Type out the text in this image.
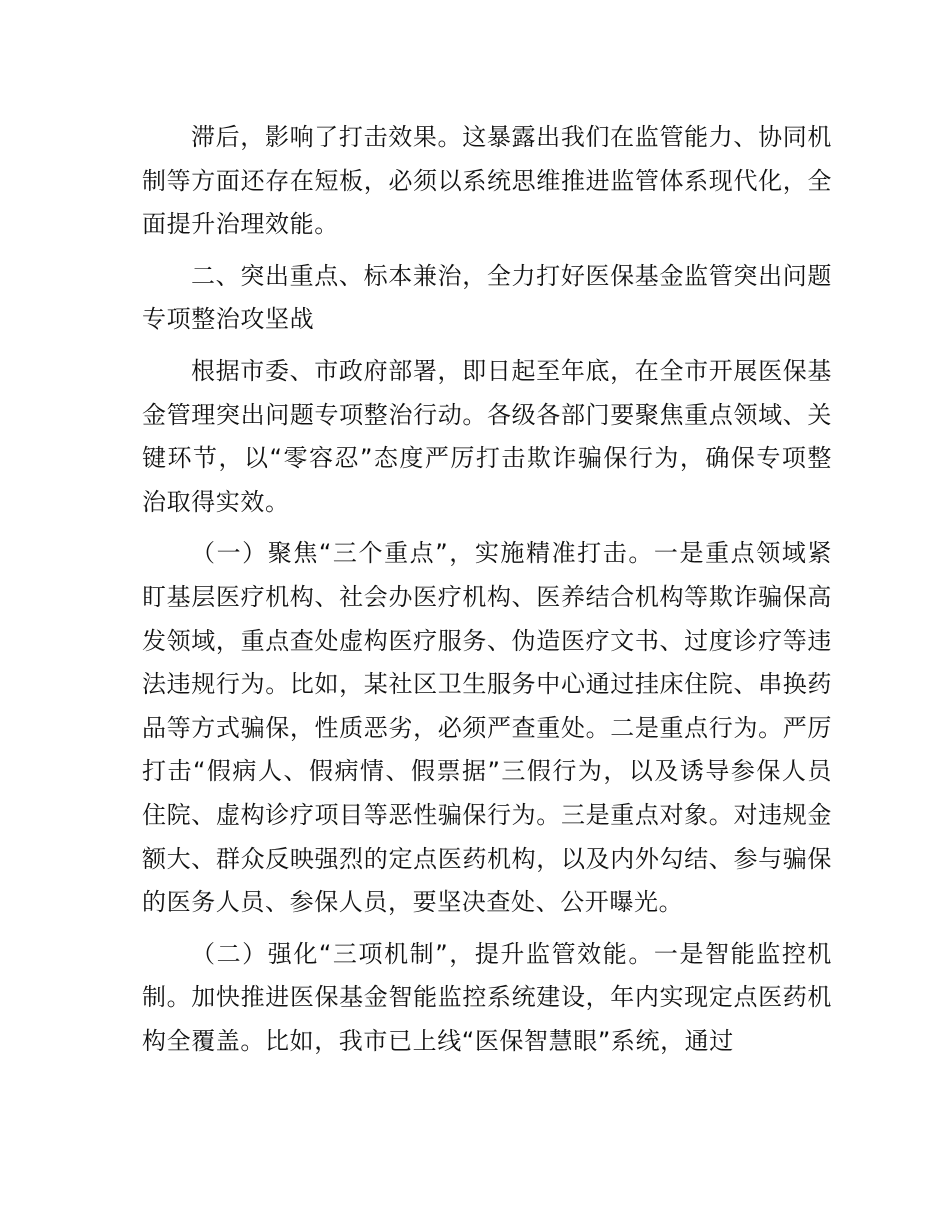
滞后，影响了打击效果。这暴露出我们在监管能力、协同机制等方面还存在短板，必须以系统思维推进监管体系现代化，全面提升治理效能。

二、突出重点、标本兼治，全力打好医保基金监管突出问题专项整治攻坚战

根据市委、市政府部署，即日起至年底，在全市开展医保基金管理突出问题专项整治行动。各级各部门要聚焦重点领域、关键环节，以“零容忍”态度严厉打击欺诈骗保行为，确保专项整治取得实效。

（一）聚焦“三个重点”，实施精准打击。一是重点领域紧盯基层医疗机构、社会办医疗机构、医养结合机构等欺诈骗保高发领域，重点查处虚构医疗服务、伪造医疗文书、过度诊疗等违法违规行为。比如，某社区卫生服务中心通过挂床住院、串换药品等方式骗保，性质恶劣，必须严查重处。二是重点行为。严厉打击“假病人、假病情、假票据”三假行为，以及诱导参保人员住院、虚构诊疗项目等恶性骗保行为。三是重点对象。对违规金额大、群众反映强烈的定点医药机构，以及内外勾结、参与骗保的医务人员、参保人员，要坚决查处、公开曝光。

（二）强化“三项机制”，提升监管效能。一是智能监控机制。加快推进医保基金智能监控系统建设，年内实现定点医药机构全覆盖。比如，我市已上线“医保智慧眼”系统，通过
